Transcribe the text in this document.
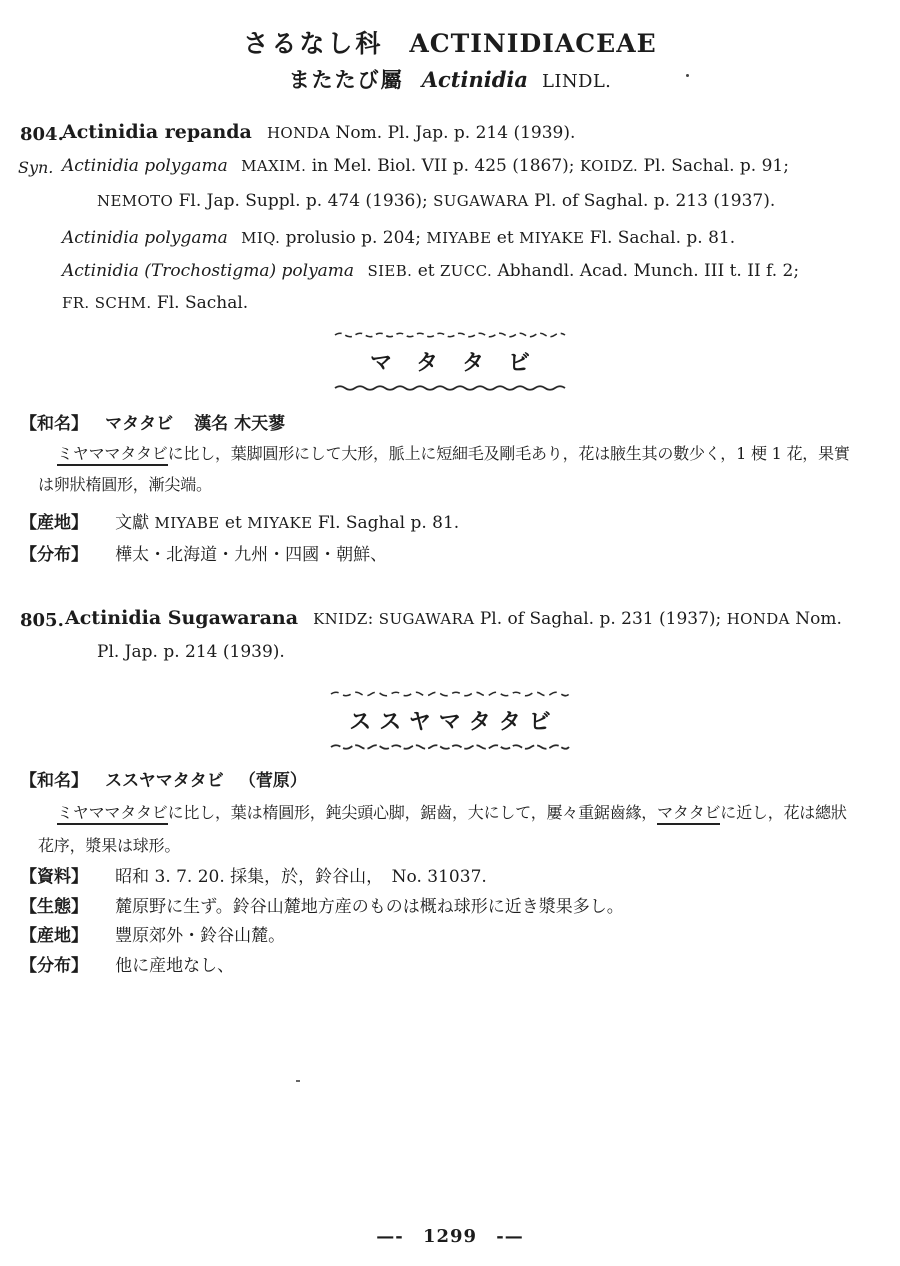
さるなし科 ACTINIDIACEAE
またたび屬 Actinidia LINDL.
804.
Actinidia repanda HONDA Nom. Pl. Jap. p. 214 (1939).
Syn. Actinidia polygama MAXIM. in Mel. Biol. VII p. 425 (1867); KOIDZ. Pl. Sachal. p. 91;
NEMOTO Fl. Jap. Suppl. p. 474 (1936); SUGAWARA Pl. of Saghal. p. 213 (1937).
Actinidia polygama MIQ. prolusio p. 204; MIYABE et MIYAKE Fl. Sachal. p. 81.
Actinidia (Trochostigma) polyama SIEB. et ZUCC. Abhandl. Acad. Munch. III t. II f. 2;
FR. SCHM. Fl. Sachal.
マタタビ
【和名】 マタタビ 漢名 木天蓼
ミヤママタタビに比し，葉脚圓形にして大形，脈上に短細毛及剛毛あり，花は腋生其の數少く，1 梗 1 花，果實
は卵狀楕圓形，漸尖端。
【産地】 文獻 MIYABE et MIYAKE Fl. Saghal p. 81.
【分布】 樺太・北海道・九州・四國・朝鮮、
805. Actinidia Sugawarana KNIDZ: SUGAWARA Pl. of Saghal. p. 231 (1937); HONDA Nom.
Pl. Jap. p. 214 (1939).
ススヤマタタビ
【和名】 ススヤマタタビ （菅原）
ミヤママタタビに比し，葉は楕圓形，鈍尖頭心脚，鋸齒，大にして，屢々重鋸齒緣，マタタビに近し，花は總狀
花序，漿果は球形。
【資料】 昭和 3. 7. 20. 採集，於，鈴谷山，　No. 31037.
【生態】 麓原野に生ず。鈴谷山麓地方産のものは概ね球形に近き漿果多し。
【産地】 豐原郊外・鈴谷山麓。
【分布】 他に産地なし、
—- 1299 -—
